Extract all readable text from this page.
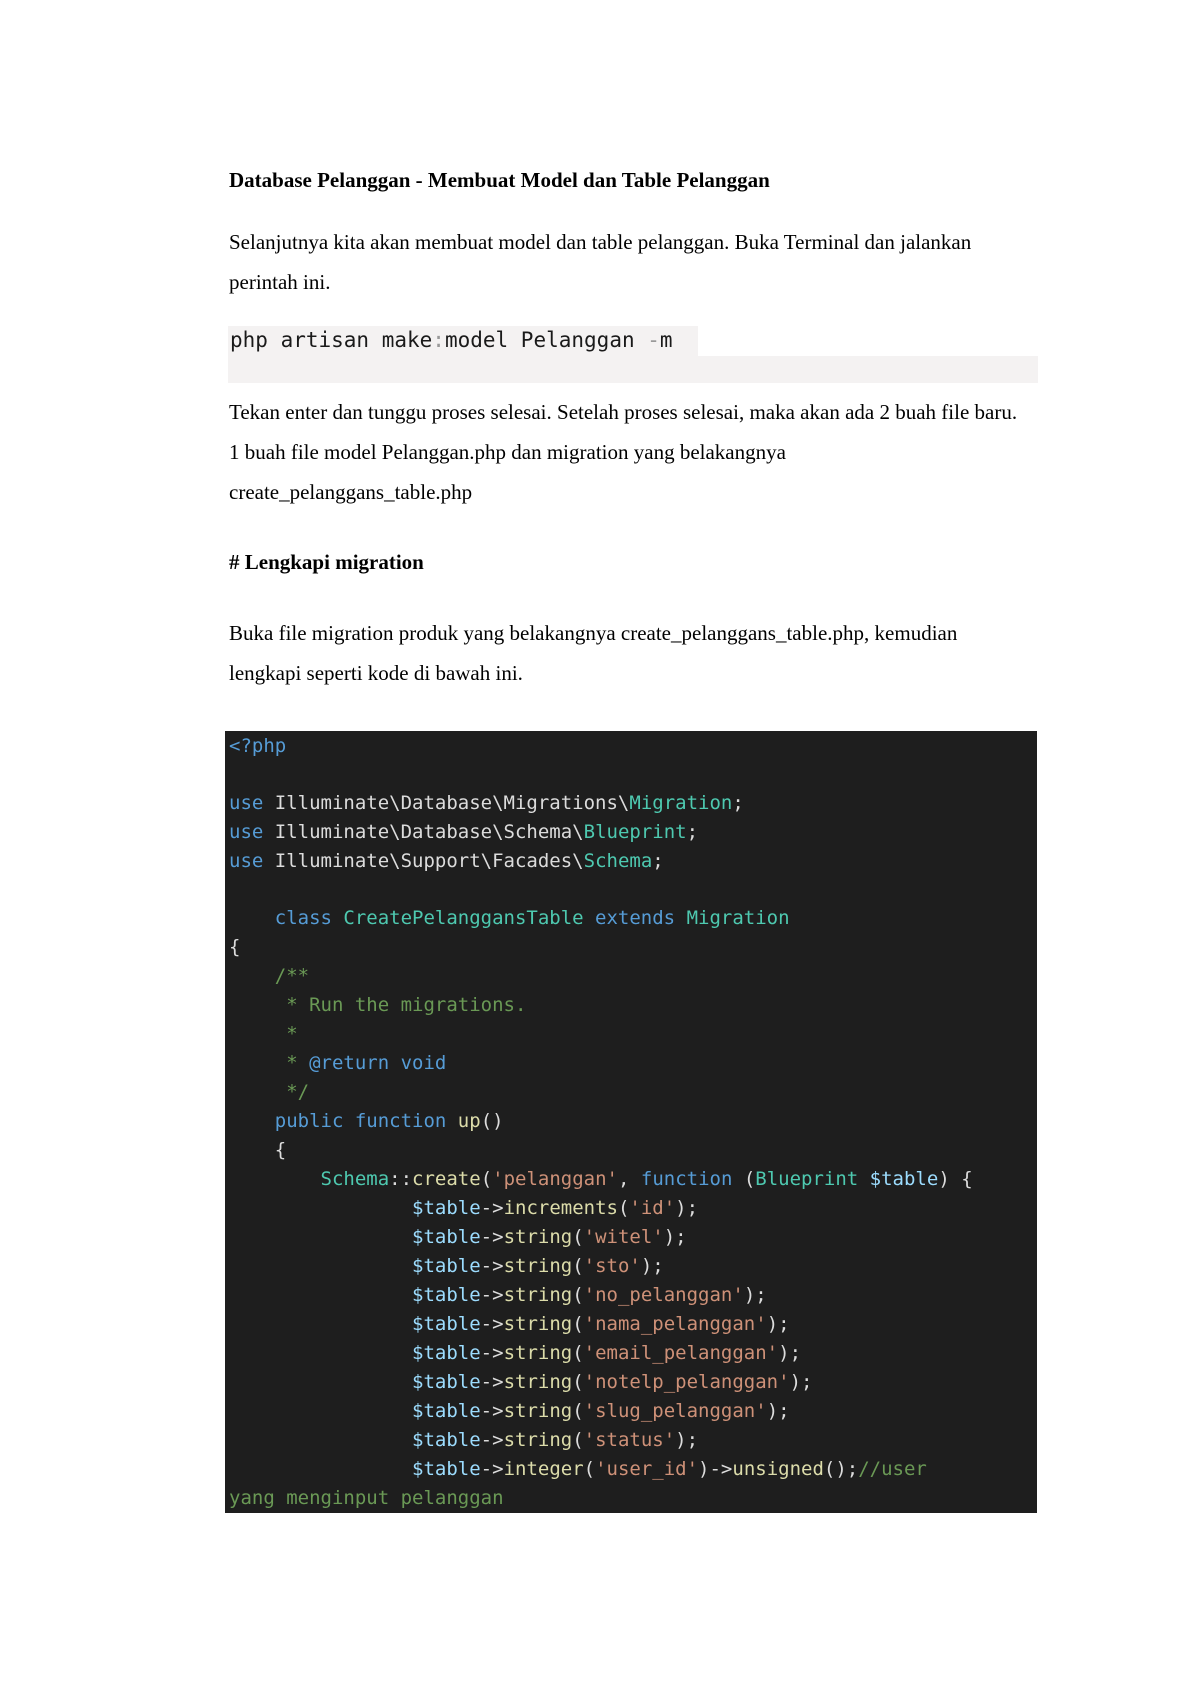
Database Pelanggan - Membuat Model dan Table Pelanggan
Selanjutnya kita akan membuat model dan table pelanggan. Buka Terminal dan jalankan perintah ini.
php artisan make:model Pelanggan -m
Tekan enter dan tunggu proses selesai. Setelah proses selesai, maka akan ada 2 buah file baru. 1 buah file model Pelanggan.php dan migration yang belakangnya create_pelanggans_table.php
# Lengkapi migration
Buka file migration produk yang belakangnya create_pelanggans_table.php, kemudian lengkapi seperti kode di bawah ini.
<?php
use Illuminate\Database\Migrations\Migration;
use Illuminate\Database\Schema\Blueprint;
use Illuminate\Support\Facades\Schema;
class CreatePelanggansTable extends Migration
{
/**
* Run the migrations.
*
* @return void
*/
public function up()
{
Schema::create('pelanggan', function (Blueprint $table) {
$table->increments('id');
$table->string('witel');
$table->string('sto');
$table->string('no_pelanggan');
$table->string('nama_pelanggan');
$table->string('email_pelanggan');
$table->string('notelp_pelanggan');
$table->string('slug_pelanggan');
$table->string('status');
$table->integer('user_id')->unsigned();//user
yang menginput pelanggan
